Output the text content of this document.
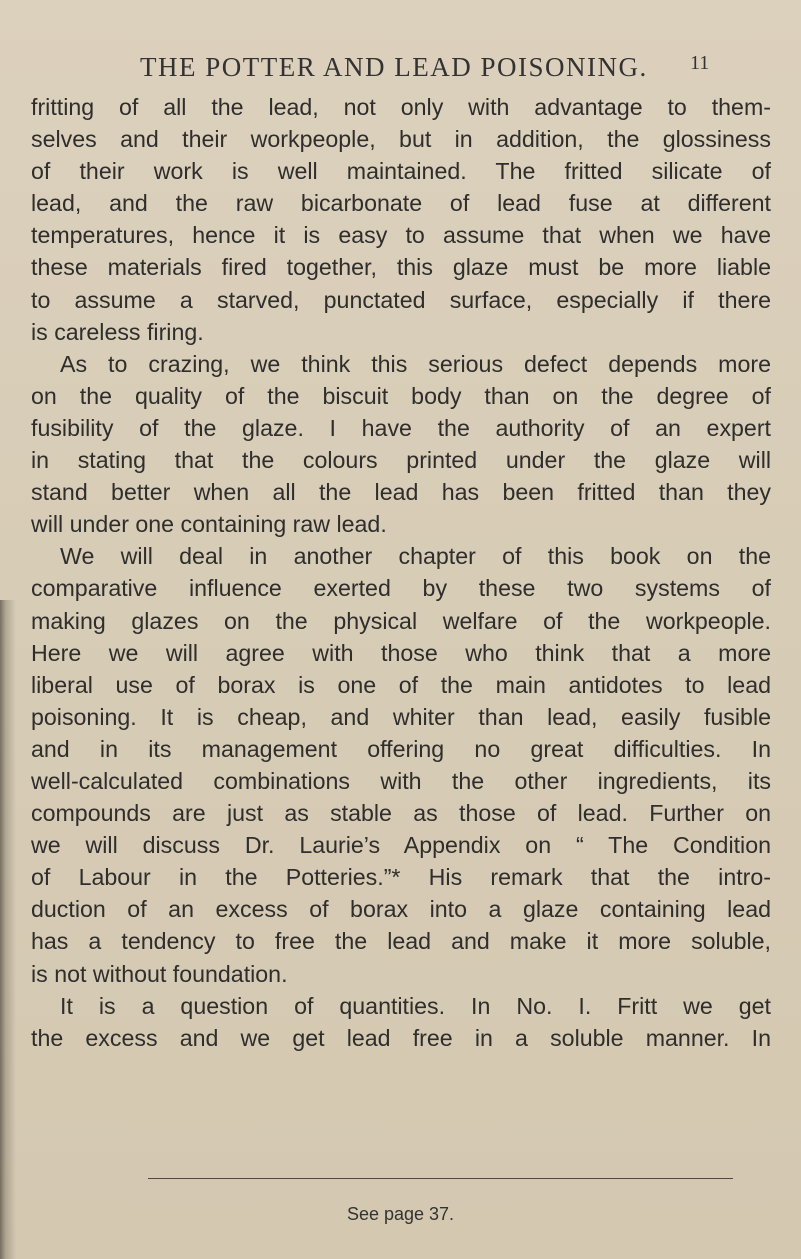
THE POTTER AND LEAD POISONING.	11
fritting of all the lead, not only with advantage to them-
selves and their workpeople, but in addition, the glossiness
of their work is well maintained. The fritted silicate of
lead, and the raw bicarbonate of lead fuse at different
temperatures, hence it is easy to assume that when we have
these materials fired together, this glaze must be more liable
to assume a starved, punctated surface, especially if there
is careless firing.
As to crazing, we think this serious defect depends more
on the quality of the biscuit body than on the degree of
fusibility of the glaze. I have the authority of an expert
in stating that the colours printed under the glaze will
stand better when all the lead has been fritted than they
will under one containing raw lead.
We will deal in another chapter of this book on the
comparative influence exerted by these two systems of
making glazes on the physical welfare of the workpeople.
Here we will agree with those who think that a more
liberal use of borax is one of the main antidotes to lead
poisoning. It is cheap, and whiter than lead, easily fusible
and in its management offering no great difficulties. In
well-calculated combinations with the other ingredients, its
compounds are just as stable as those of lead. Further on
we will discuss Dr. Laurie’s Appendix on “ The Condition
of Labour in the Potteries.”* His remark that the intro-
duction of an excess of borax into a glaze containing lead
has a tendency to free the lead and make it more soluble,
is not without foundation.
It is a question of quantities. In No. I. Fritt we get
the excess and we get lead free in a soluble manner. In
See page 37.
